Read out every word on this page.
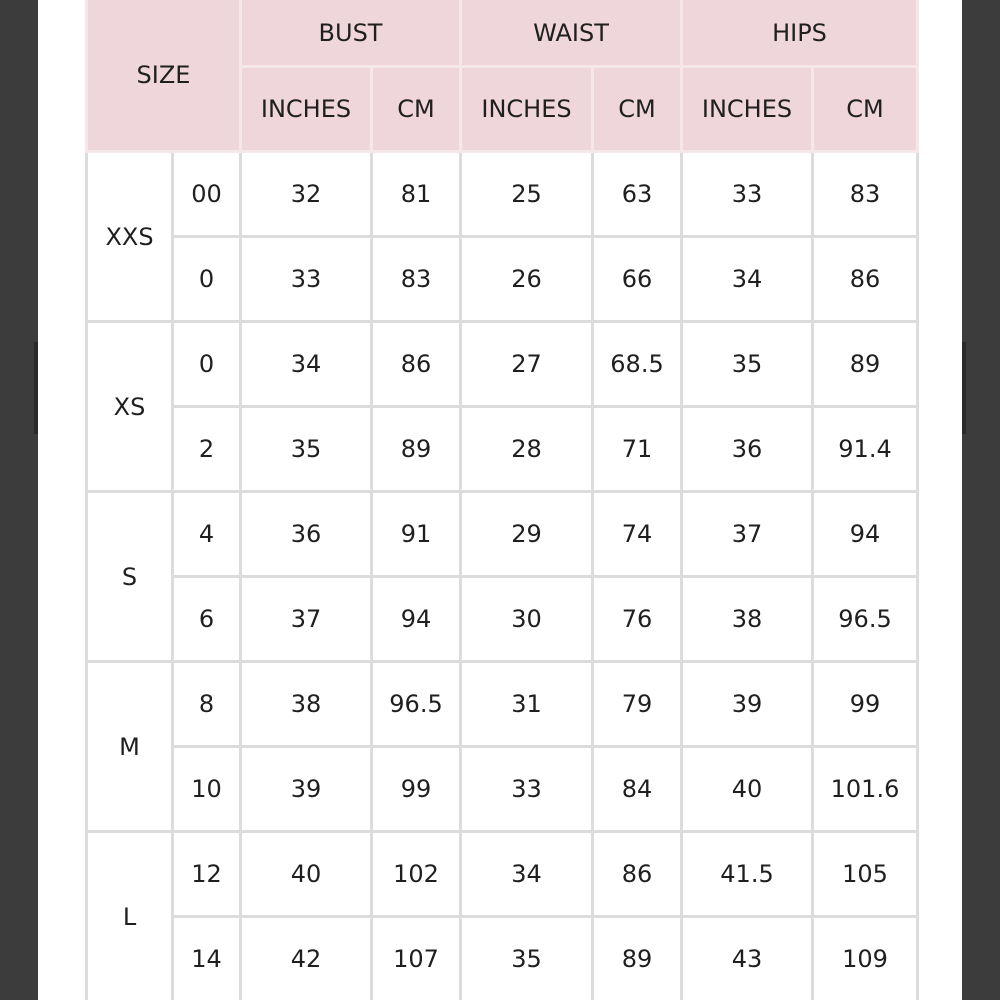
SIZE		BUST		WAIST		HIPS	
		INCHES	CM	INCHES	CM	INCHES	CM
XXS	00	32	81	25	63	33	83
	0	33	83	26	66	34	86
XS	0	34	86	27	68.5	35	89
	2	35	89	28	71	36	91.4
S	4	36	91	29	74	37	94
	6	37	94	30	76	38	96.5
M	8	38	96.5	31	79	39	99
	10	39	99	33	84	40	101.6
L	12	40	102	34	86	41.5	105
	14	42	107	35	89	43	109
